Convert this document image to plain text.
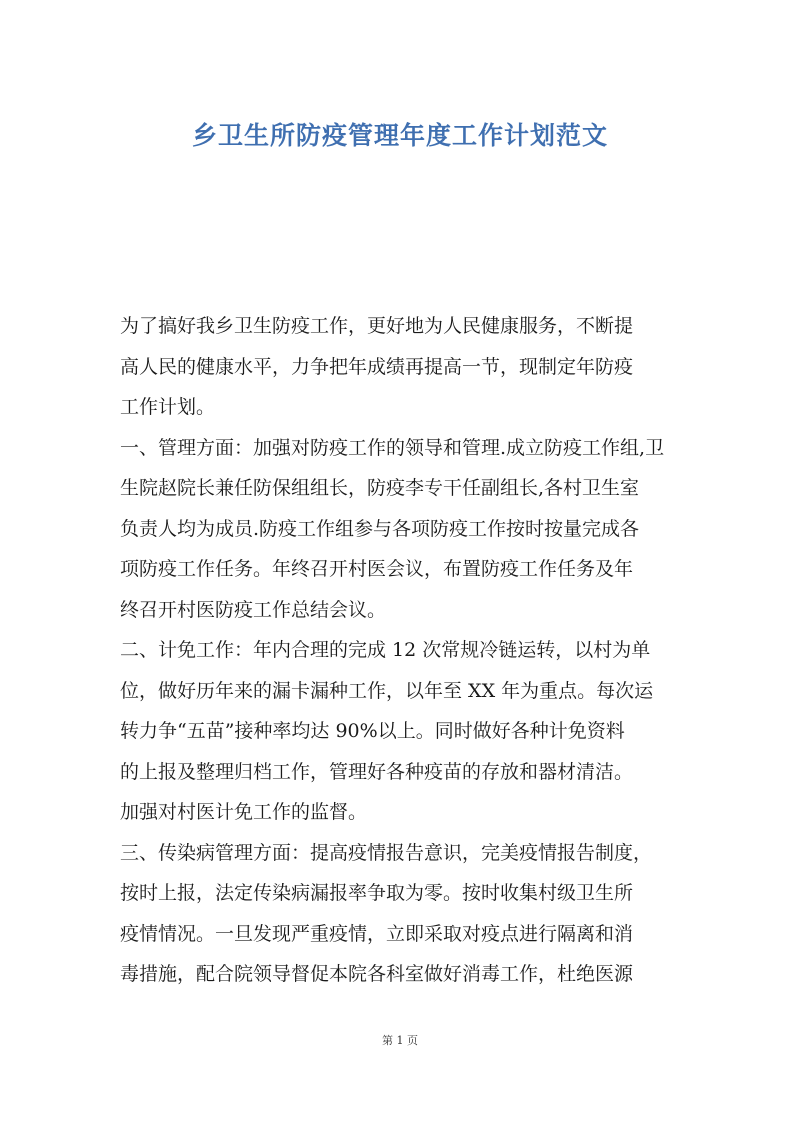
乡卫生所防疫管理年度工作计划范文
为了搞好我乡卫生防疫工作，更好地为人民健康服务，不断提
高人民的健康水平，力争把年成绩再提高一节，现制定年防疫
工作计划。
一、管理方面：加强对防疫工作的领导和管理.成立防疫工作组,卫
生院赵院长兼任防保组组长，防疫李专干任副组长,各村卫生室
负责人均为成员.防疫工作组参与各项防疫工作按时按量完成各
项防疫工作任务。年终召开村医会议，布置防疫工作任务及年
终召开村医防疫工作总结会议。
二、计免工作：年内合理的完成 12 次常规冷链运转，以村为单
位，做好历年来的漏卡漏种工作，以年至 XX 年为重点。每次运
转力争“五苗”接种率均达 90%以上。同时做好各种计免资料
的上报及整理归档工作，管理好各种疫苗的存放和器材清洁。
加强对村医计免工作的监督。
三、传染病管理方面：提高疫情报告意识，完美疫情报告制度，
按时上报，法定传染病漏报率争取为零。按时收集村级卫生所
疫情情况。一旦发现严重疫情，立即采取对疫点进行隔离和消
毒措施，配合院领导督促本院各科室做好消毒工作，杜绝医源
第 1 页
